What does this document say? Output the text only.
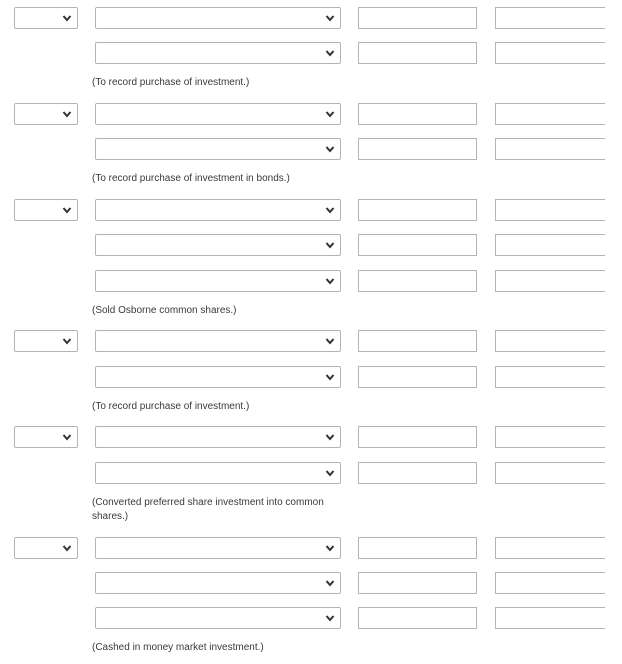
(To record purchase of investment.)
(To record purchase of investment in bonds.)
(Sold Osborne common shares.)
(To record purchase of investment.)
(Converted preferred share investment into common shares.)
(Cashed in money market investment.)
